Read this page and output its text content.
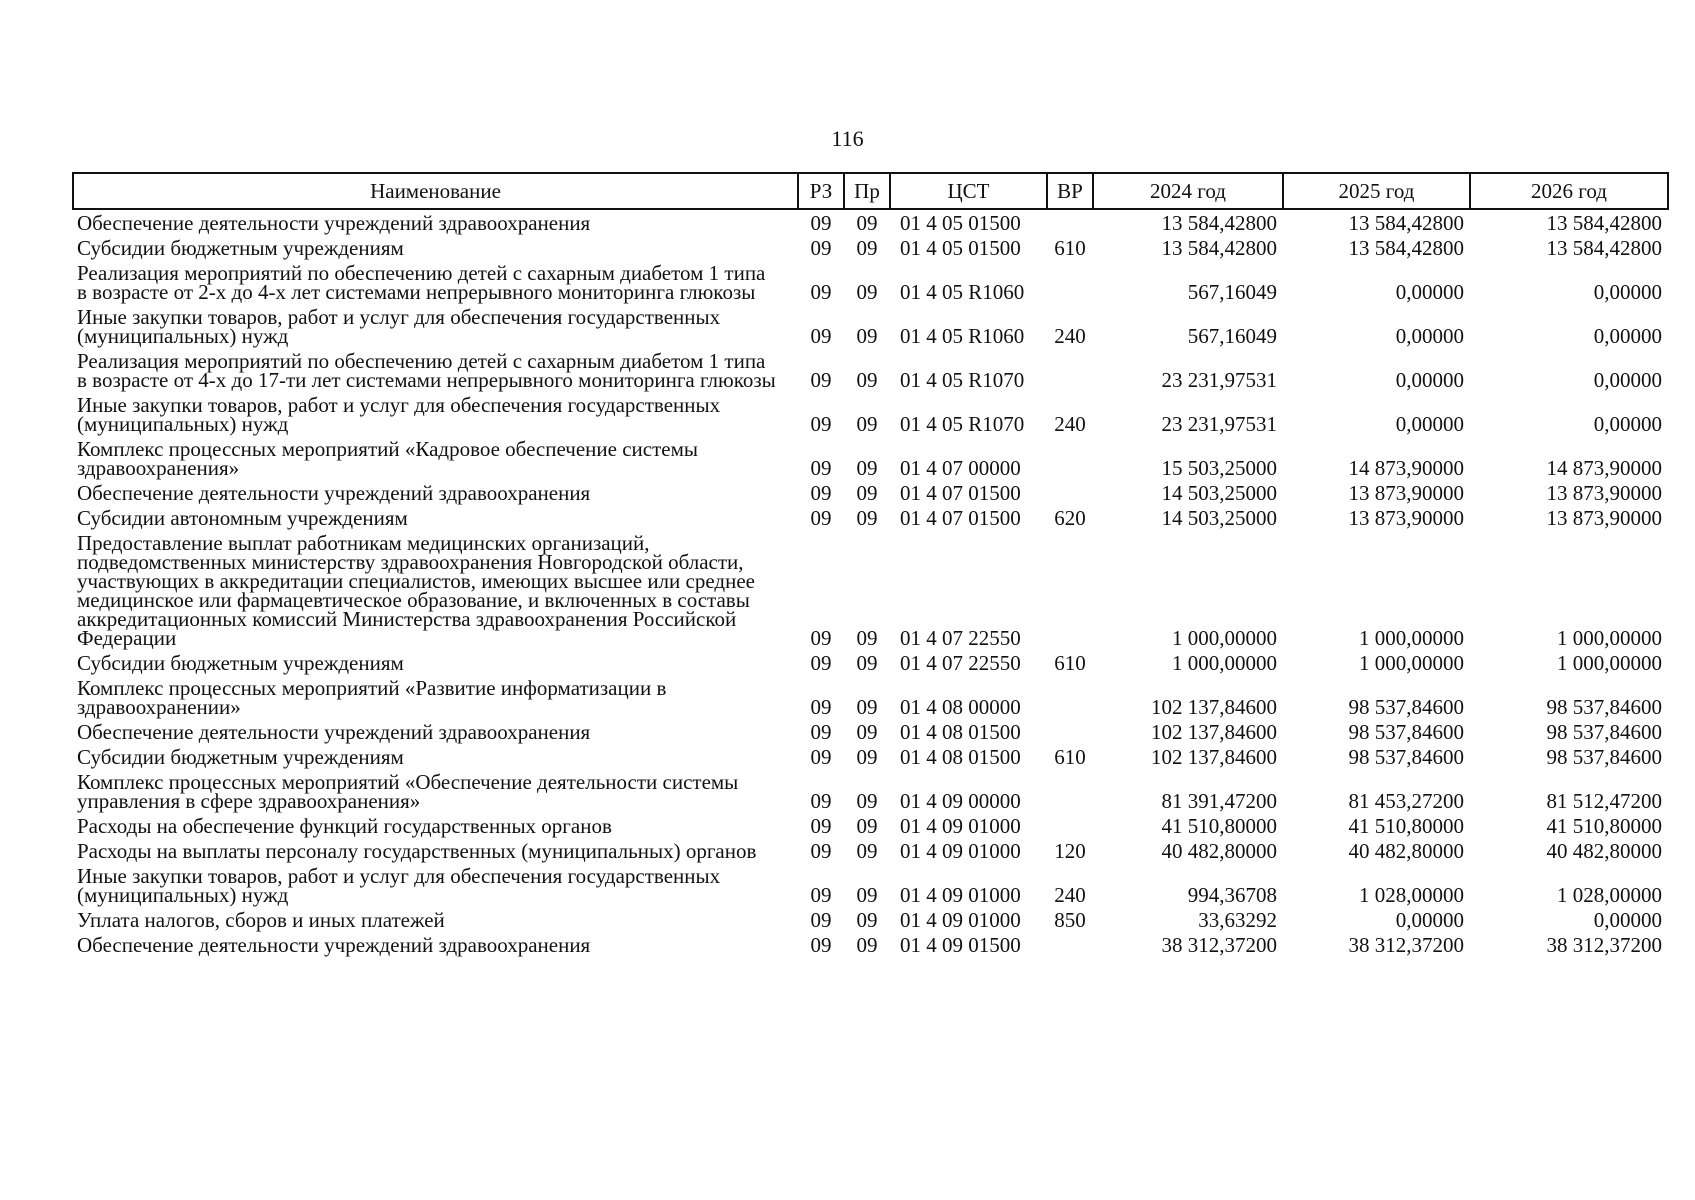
116
Наименование	РЗ	Пр	ЦСТ	ВР	2024 год	2025 год	2026 год
Обеспечение деятельности учреждений здравоохранения	09	09	01 4 05 01500		13 584,42800	13 584,42800	13 584,42800
Субсидии бюджетным учреждениям	09	09	01 4 05 01500	610	13 584,42800	13 584,42800	13 584,42800
Реализация мероприятий по обеспечению детей с сахарным диабетом 1 типа в возрасте от 2-х до 4-х лет системами непрерывного мониторинга глюкозы	09	09	01 4 05 R1060		567,16049	0,00000	0,00000
Иные закупки товаров, работ и услуг для обеспечения государственных (муниципальных) нужд	09	09	01 4 05 R1060	240	567,16049	0,00000	0,00000
Реализация мероприятий по обеспечению детей с сахарным диабетом 1 типа в возрасте от 4-х до 17-ти лет системами непрерывного мониторинга глюкозы	09	09	01 4 05 R1070		23 231,97531	0,00000	0,00000
Иные закупки товаров, работ и услуг для обеспечения государственных (муниципальных) нужд	09	09	01 4 05 R1070	240	23 231,97531	0,00000	0,00000
Комплекс процессных мероприятий «Кадровое обеспечение системы здравоохранения»	09	09	01 4 07 00000		15 503,25000	14 873,90000	14 873,90000
Обеспечение деятельности учреждений здравоохранения	09	09	01 4 07 01500		14 503,25000	13 873,90000	13 873,90000
Субсидии автономным учреждениям	09	09	01 4 07 01500	620	14 503,25000	13 873,90000	13 873,90000
Предоставление выплат работникам медицинских организаций, подведомственных министерству здравоохранения Новгородской области, участвующих в аккредитации специалистов, имеющих высшее или среднее медицинское или фармацевтическое образование, и включенных в составы аккредитационных комиссий Министерства здравоохранения Российской Федерации	09	09	01 4 07 22550		1 000,00000	1 000,00000	1 000,00000
Субсидии бюджетным учреждениям	09	09	01 4 07 22550	610	1 000,00000	1 000,00000	1 000,00000
Комплекс процессных мероприятий «Развитие информатизации в здравоохранении»	09	09	01 4 08 00000		102 137,84600	98 537,84600	98 537,84600
Обеспечение деятельности учреждений здравоохранения	09	09	01 4 08 01500		102 137,84600	98 537,84600	98 537,84600
Субсидии бюджетным учреждениям	09	09	01 4 08 01500	610	102 137,84600	98 537,84600	98 537,84600
Комплекс процессных мероприятий «Обеспечение деятельности системы управления в сфере здравоохранения»	09	09	01 4 09 00000		81 391,47200	81 453,27200	81 512,47200
Расходы на обеспечение функций государственных органов	09	09	01 4 09 01000		41 510,80000	41 510,80000	41 510,80000
Расходы на выплаты персоналу государственных (муниципальных) органов	09	09	01 4 09 01000	120	40 482,80000	40 482,80000	40 482,80000
Иные закупки товаров, работ и услуг для обеспечения государственных (муниципальных) нужд	09	09	01 4 09 01000	240	994,36708	1 028,00000	1 028,00000
Уплата налогов, сборов и иных платежей	09	09	01 4 09 01000	850	33,63292	0,00000	0,00000
Обеспечение деятельности учреждений здравоохранения	09	09	01 4 09 01500		38 312,37200	38 312,37200	38 312,37200
